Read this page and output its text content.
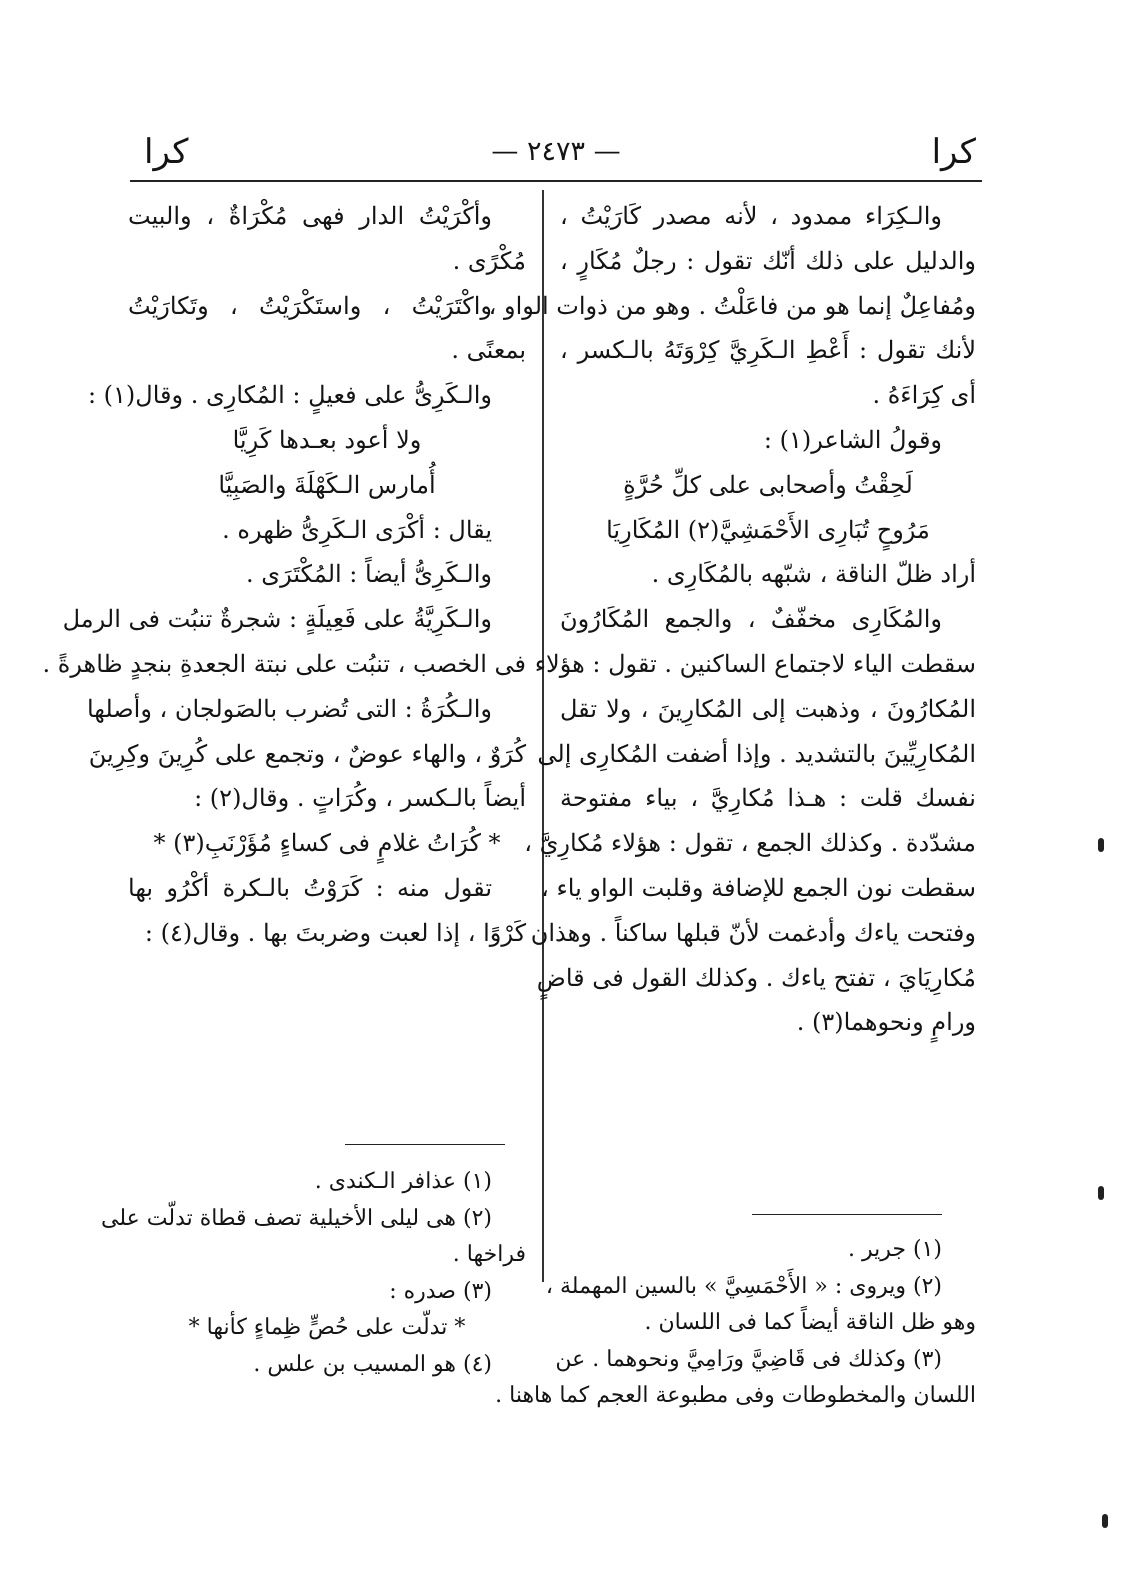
كرا
— ٢٤٧٣ —
كرا
والـكِرَاء ممدود ، لأنه مصدر كَارَيْتُ ،
والدليل على ذلك أنّك تقول : رجلٌ مُكَارٍ ،
ومُفاعِلٌ إنما هو من فاعَلْتُ . وهو من ذوات الواو ،
لأنك تقول : أَعْطِ الـكَرِيَّ كِرْوَتَهُ بالـكسر ،
أى كِرَاءَهُ .
وقولُ الشاعر(١) :
لَحِقْتُ وأصحابى على كلِّ حُرَّةٍ
مَرُوحٍ تُبَارِى الأَحْمَشِيَّ(٢) المُكَارِيَا
أراد ظلّ الناقة ، شبّهه بالمُكَارِى .
والمُكَارِى مخفّفٌ ، والجمع المُكَارُونَ
سقطت الياء لاجتماع الساكنين . تقول : هؤلاء
المُكارُونَ ، وذهبت إلى المُكارِينَ ، ولا تقل
المُكارِيِّينَ بالتشديد . وإذا أضفت المُكارِى إلى
نفسك قلت : هـذا مُكارِيَّ ، بياء مفتوحة
مشدّدة . وكذلك الجمع ، تقول : هؤلاء مُكارِيَّ ،
سقطت نون الجمع للإضافة وقلبت الواو ياء ،
وفتحت ياءك وأدغمت لأنّ قبلها ساكناً . وهذان
مُكارِيَايَ ، تفتح ياءك . وكذلك القول فى قاضٍ
ورامٍ ونحوهما(٣) .
وأكْرَيْتُ الدار فهى مُكْرَاةٌ ، والبيت
مُكْرًى .
واكْتَرَيْتُ ، واستَكْرَيْتُ ، وتَكارَيْتُ
بمعنًى .
والـكَرِىُّ على فعيلٍ : المُكارِى . وقال(١) :
ولا أعود بعـدها كَرِيَّا
أُمارس الـكَهْلَةَ والصَبِيَّا
يقال : أكْرَى الـكَرِىُّ ظهره .
والـكَرِىُّ أيضاً : المُكْتَرَى .
والـكَرِيَّةُ على فَعِيلَةٍ : شجرةٌ تنبُت فى الرمل
فى الخصب ، تنبُت على نبتة الجعدةِ بنجدٍ ظاهرةً .
والـكُرَةُ : التى تُضرب بالصَولجان ، وأصلها
كُرَوٌ ، والهاء عوضٌ ، وتجمع على كُرِينَ وكِرِينَ
أيضاً بالـكسر ، وكُرَاتٍ . وقال(٢) :
* كُرَاتُ غلامٍ فى كساءٍ مُؤَرْنَبِ(٣) *
تقول منه : كَرَوْتُ بالـكرة أكْرُو بها
كَرْوًا ، إذا لعبت وضربتَ بها . وقال(٤) :
(١) جرير .
(٢) ويروى : « الأَحْمَسِيَّ » بالسين المهملة ،
وهو ظل الناقة أيضاً كما فى اللسان .
(٣) وكذلك فى قَاضِيَّ ورَامِيَّ ونحوهما . عن
اللسان والمخطوطات وفى مطبوعة العجم كما هاهنا .
(١) عذافر الـكندى .
(٢) هى ليلى الأخيلية تصف قطاة تدلّت على
فراخها .
(٣) صدره :
* تدلّت على حُصٍّ ظِماءٍ كأنها *
(٤) هو المسيب بن علس .
